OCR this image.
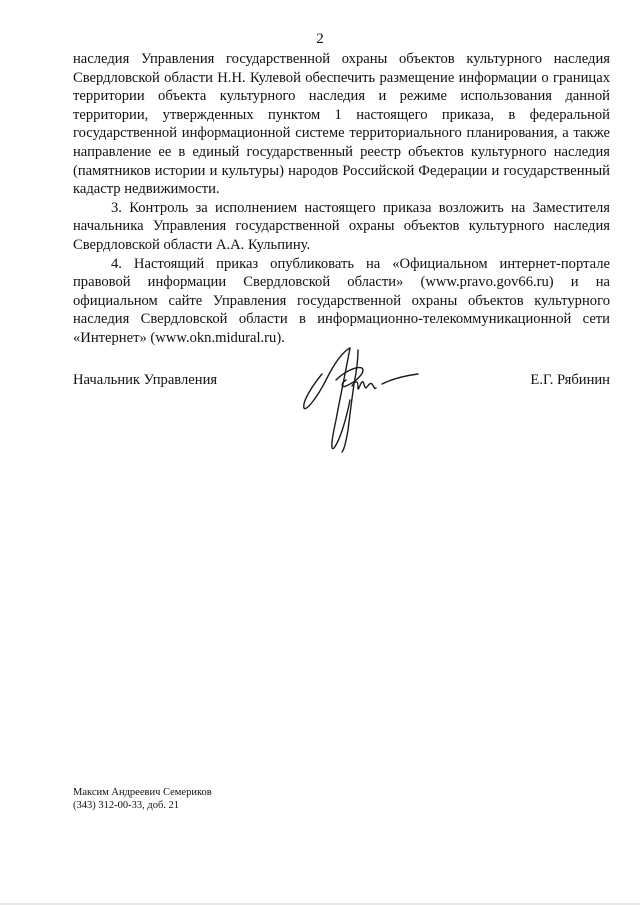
2

наследия Управления государственной охраны объектов культурного наследия Свердловской области Н.Н. Кулевой обеспечить размещение информации о границах территории объекта культурного наследия и режиме использования данной территории, утвержденных пунктом 1 настоящего приказа, в федеральной государственной информационной системе территориального планирования, а также направление ее в единый государственный реестр объектов культурного наследия (памятников истории и культуры) народов Российской Федерации и государственный кадастр недвижимости.

3. Контроль за исполнением настоящего приказа возложить на Заместителя начальника Управления государственной охраны объектов культурного наследия Свердловской области А.А. Кульпину.

4. Настоящий приказ опубликовать на «Официальном интернет-портале правовой информации Свердловской области» (www.pravo.gov66.ru) и на официальном сайте Управления государственной охраны объектов культурного наследия Свердловской области в информационно-телекоммуникационной сети «Интернет» (www.okn.midural.ru).

Начальник Управления	Е.Г. Рябинин
Максим Андреевич Семериков
(343) 312-00-33, доб. 21
